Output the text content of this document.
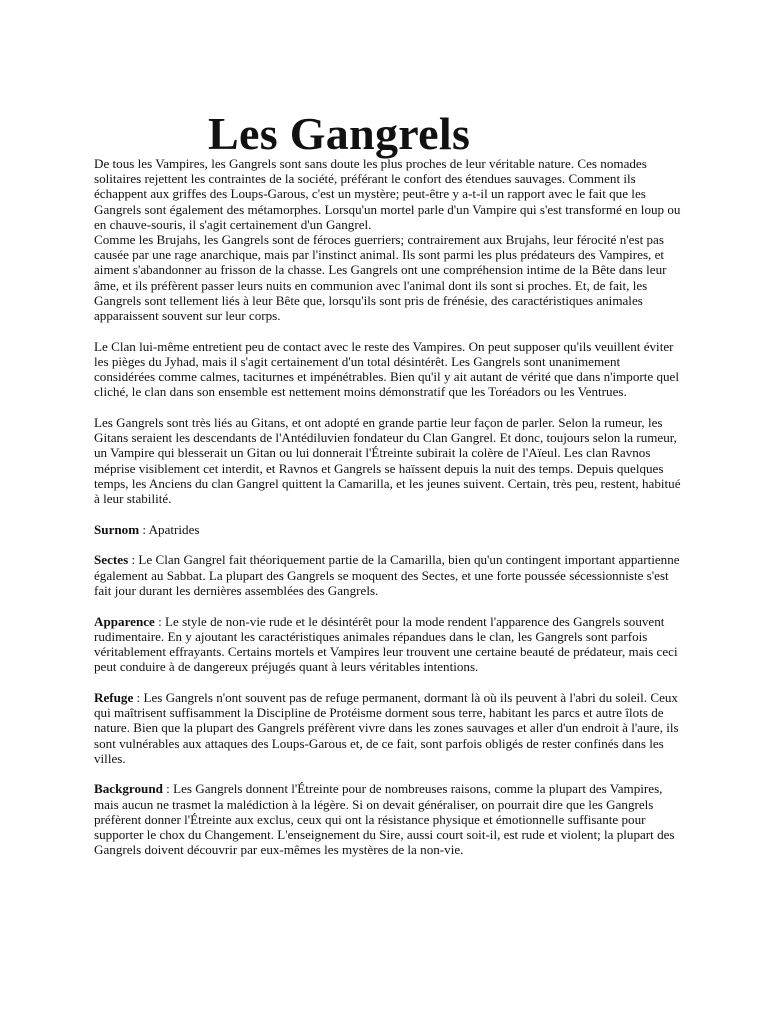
Les Gangrels

De tous les Vampires, les Gangrels sont sans doute les plus proches de leur véritable nature. Ces nomades solitaires rejettent les contraintes de la société, préférant le confort des étendues sauvages. Comment ils échappent aux griffes des Loups-Garous, c'est un mystère; peut-être y a-t-il un rapport avec le fait que les Gangrels sont également des métamorphes. Lorsqu'un mortel parle d'un Vampire qui s'est transformé en loup ou en chauve-souris, il s'agit certainement d'un Gangrel.

Comme les Brujahs, les Gangrels sont de féroces guerriers; contrairement aux Brujahs, leur férocité n'est pas causée par une rage anarchique, mais par l'instinct animal. Ils sont parmi les plus prédateurs des Vampires, et aiment s'abandonner au frisson de la chasse. Les Gangrels ont une compréhension intime de la Bête dans leur âme, et ils préfèrent passer leurs nuits en communion avec l'animal dont ils sont si proches. Et, de fait, les Gangrels sont tellement liés à leur Bête que, lorsqu'ils sont pris de frénésie, des caractéristiques animales apparaissent souvent sur leur corps.

Le Clan lui-même entretient peu de contact avec le reste des Vampires. On peut supposer qu'ils veuillent éviter les pièges du Jyhad, mais il s'agit certainement d'un total désintérêt. Les Gangrels sont unanimement considérées comme calmes, taciturnes et impénétrables. Bien qu'il y ait autant de vérité que dans n'importe quel cliché, le clan dans son ensemble est nettement moins démonstratif que les Toréadors ou les Ventrues.

Les Gangrels sont très liés au Gitans, et ont adopté en grande partie leur façon de parler. Selon la rumeur, les Gitans seraient les descendants de l'Antédiluvien fondateur du Clan Gangrel. Et donc, toujours selon la rumeur, un Vampire qui blesserait un Gitan ou lui donnerait l'Étreinte subirait la colère de l'Aïeul. Les clan Ravnos méprise visiblement cet interdit, et Ravnos et Gangrels se haïssent depuis la nuit des temps. Depuis quelques temps, les Anciens du clan Gangrel quittent la Camarilla, et les jeunes suivent. Certain, très peu, restent, habitué à leur stabilité.

Surnom : Apatrides

Sectes : Le Clan Gangrel fait théoriquement partie de la Camarilla, bien qu'un contingent important appartienne également au Sabbat. La plupart des Gangrels se moquent des Sectes, et une forte poussée sécessionniste s'est fait jour durant les dernières assemblées des Gangrels.

Apparence : Le style de non-vie rude et le désintérêt pour la mode rendent l'apparence des Gangrels souvent rudimentaire. En y ajoutant les caractéristiques animales répandues dans le clan, les Gangrels sont parfois véritablement effrayants. Certains mortels et Vampires leur trouvent une certaine beauté de prédateur, mais ceci peut conduire à de dangereux préjugés quant à leurs véritables intentions.

Refuge : Les Gangrels n'ont souvent pas de refuge permanent, dormant là où ils peuvent à l'abri du soleil. Ceux qui maîtrisent suffisamment la Discipline de Protéisme dorment sous terre, habitant les parcs et autre îlots de nature. Bien que la plupart des Gangrels préfèrent vivre dans les zones sauvages et aller d'un endroit à l'aure, ils sont vulnérables aux attaques des Loups-Garous et, de ce fait, sont parfois obligés de rester confinés dans les villes.

Background : Les Gangrels donnent l'Étreinte pour de nombreuses raisons, comme la plupart des Vampires, mais aucun ne trasmet la malédiction à la légère. Si on devait généraliser, on pourrait dire que les Gangrels préfèrent donner l'Étreinte aux exclus, ceux qui ont la résistance physique et émotionnelle suffisante pour supporter le chox du Changement. L'enseignement du Sire, aussi court soit-il, est rude et violent; la plupart des Gangrels doivent découvrir par eux-mêmes les mystères de la non-vie.
